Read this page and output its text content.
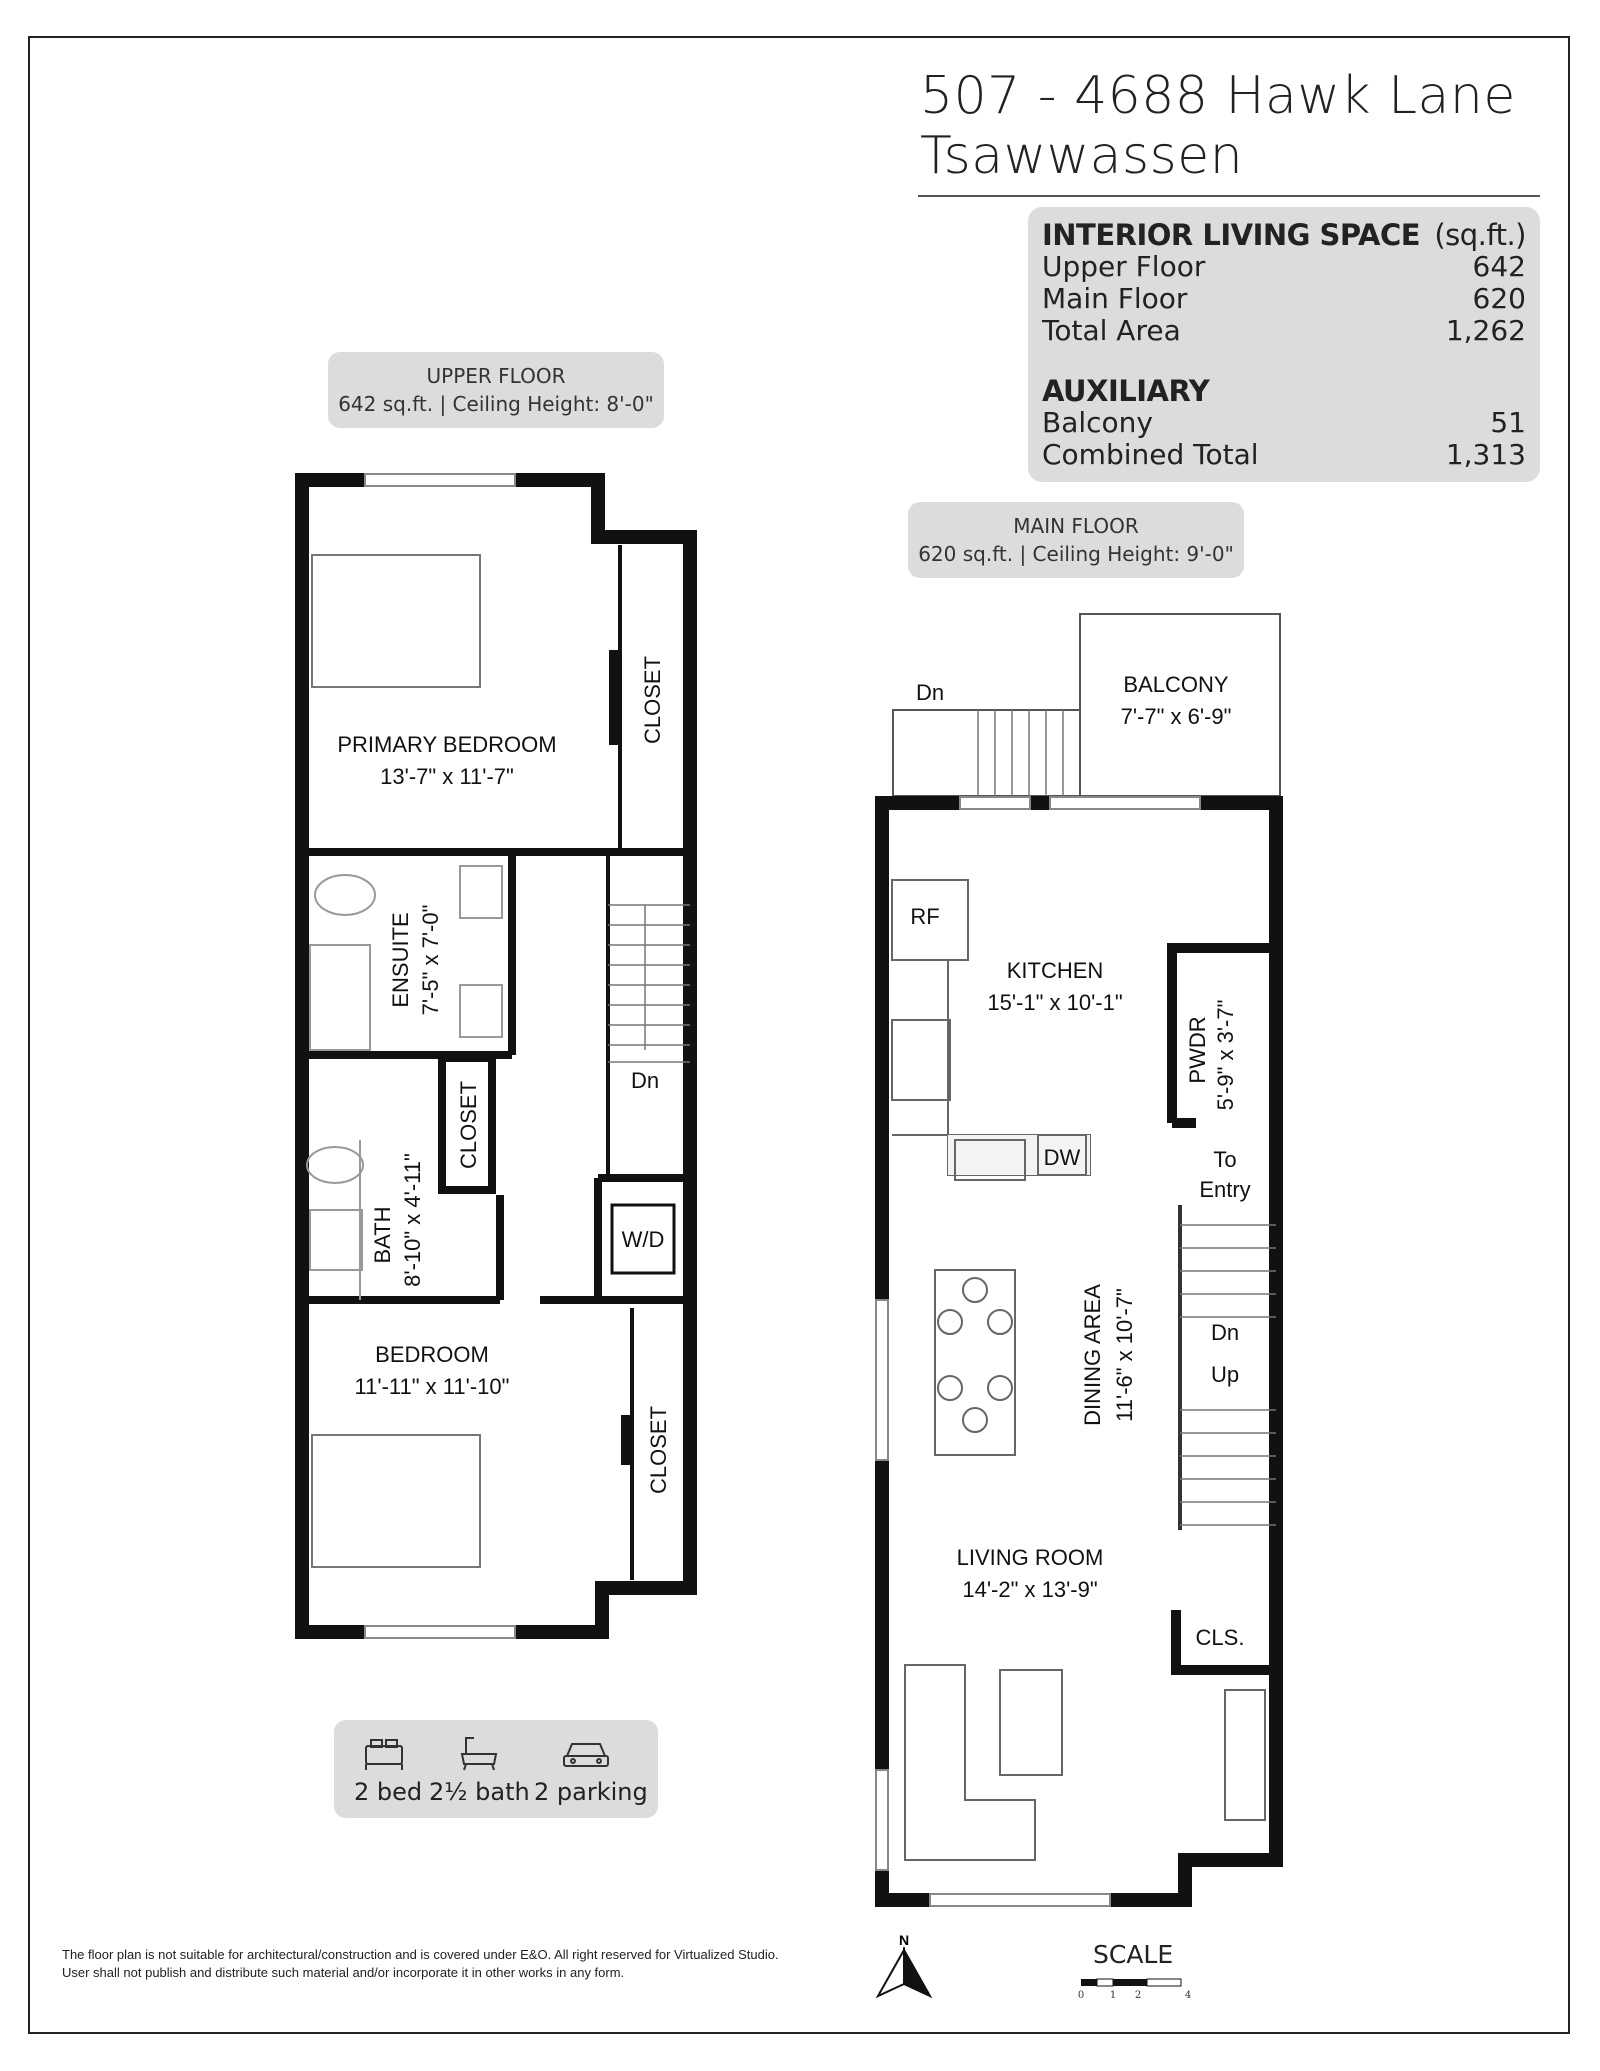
507 - 4688 Hawk Lane
Tsawwassen
INTERIOR LIVING SPACE (sq.ft.)
Upper Floor	642
Main Floor	620
Total Area	1,262
AUXILIARY
Balcony	51
Combined Total	1,313
UPPER FLOOR
642 sq.ft. | Ceiling Height: 8'-0"
MAIN FLOOR
620 sq.ft. | Ceiling Height: 9'-0"
PRIMARY BEDROOM
13'-7" x 11'-7"
CLOSET
ENSUITE 7'-5" x 7'-0"
CLOSET
BATH 8'-10" x 4'-11"	W/D
Dn
BEDROOM
11'-11" x 11'-10"
CLOSET
BALCONY
7'-7" x 6'-9"
Dn
RF
KITCHEN
15'-1" x 10'-1"
PWDR 5'-9" x 3'-7"
DW	To
Entry
DINING AREA 11'-6" x 10'-7"	Dn
Up
LIVING ROOM
14'-2" x 13'-9"
CLS.
N
0	1 2	4
SCALE
2 bed 2½ bath 2 parking
The floor plan is not suitable for architectural/construction and is covered under E&O. All right reserved for Virtualized Studio. User shall not publish and distribute such material and/or incorporate it in other works in any form.
